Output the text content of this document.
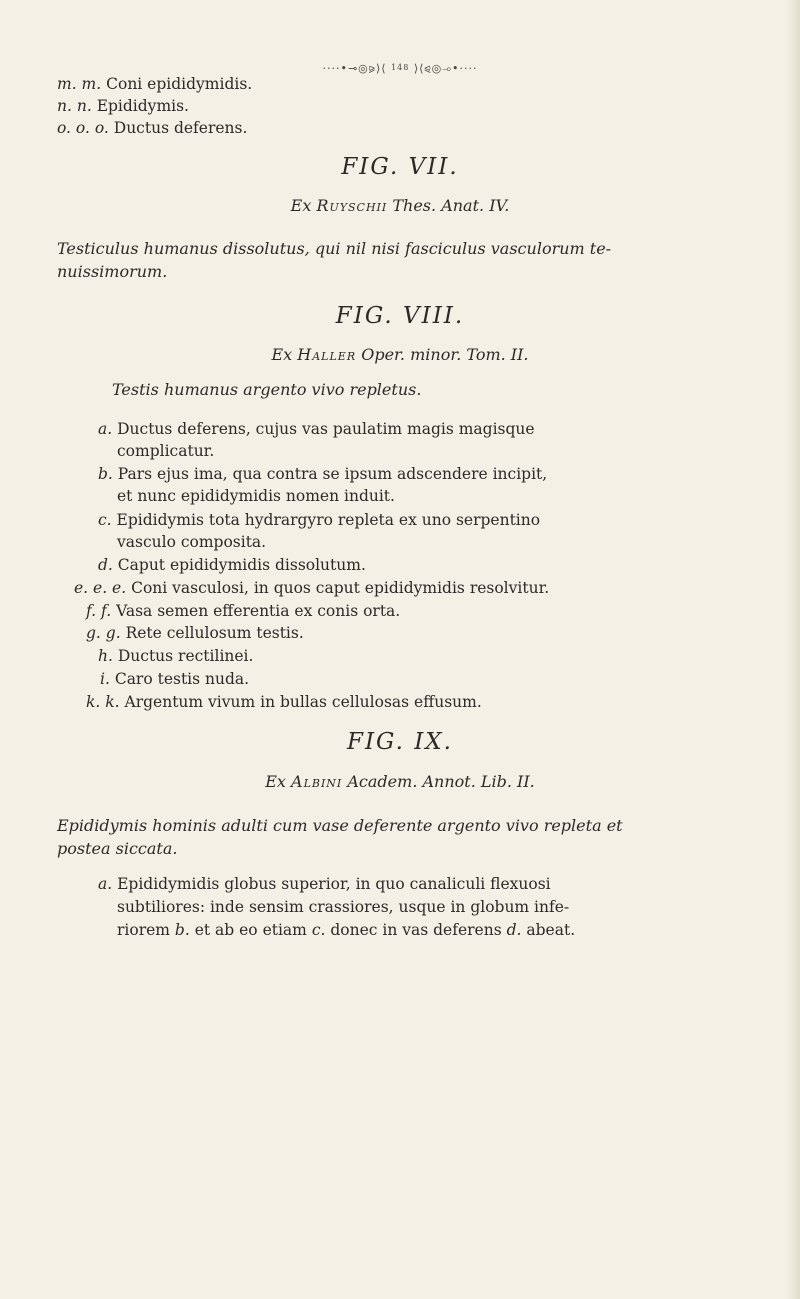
····•⊸◎⪩⟩⟨ 148 ⟩⟨⪨◎⊸•····
m. m. Coni epididymidis.
n. n. Epididymis.
o. o. o. Ductus deferens.
FIG. VII.
Ex Ruyschii Thes. Anat. IV.
Testiculus humanus dissolutus, qui nil nisi fasciculus vasculorum te-
nuissimorum.
FIG. VIII.
Ex Haller Oper. minor. Tom. II.
Testis humanus argento vivo repletus.
a. Ductus deferens, cujus vas paulatim magis magisque
complicatur.
b. Pars ejus ima, qua contra se ipsum adscendere incipit,
et nunc epididymidis nomen induit.
c. Epididymis tota hydrargyro repleta ex uno serpentino
vasculo composita.
d. Caput epididymidis dissolutum.
e. e. e. Coni vasculosi, in quos caput epididymidis resolvitur.
f. f. Vasa semen efferentia ex conis orta.
g. g. Rete cellulosum testis.
h. Ductus rectilinei.
i. Caro testis nuda.
k. k. Argentum vivum in bullas cellulosas effusum.
FIG. IX.
Ex Albini Academ. Annot. Lib. II.
Epididymis hominis adulti cum vase deferente argento vivo repleta et
postea siccata.
a. Epididymidis globus superior, in quo canaliculi flexuosi
subtiliores: inde sensim crassiores, usque in globum infe-
riorem b. et ab eo etiam c. donec in vas deferens d. abeat.
